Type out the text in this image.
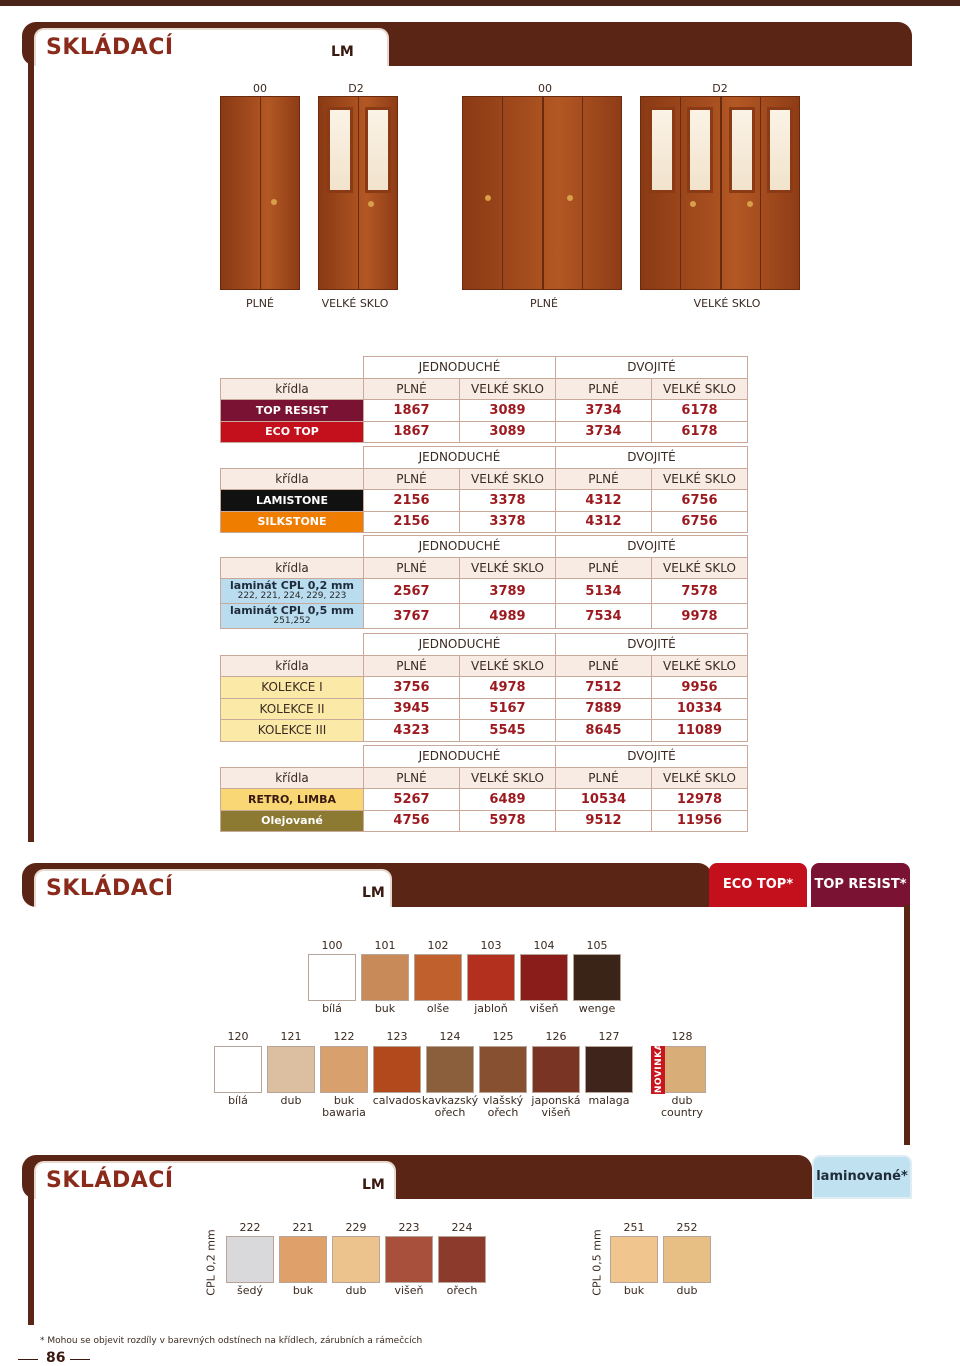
SKLÁDACÍ	LM
00	D2	00	D2
PLNÉ	VELKÉ SKLO	PLNÉ	VELKÉ SKLO
	JEDNODUCHÉ		DVOJITÉ	
křídla	PLNÉ	VELKÉ SKLO	PLNÉ	VELKÉ SKLO
TOP RESIST	1867	3089	3734	6178
ECO TOP	1867	3089	3734	6178
	JEDNODUCHÉ		DVOJITÉ	
křídla	PLNÉ	VELKÉ SKLO	PLNÉ	VELKÉ SKLO
LAMISTONE	2156	3378	4312	6756
SILKSTONE	2156	3378	4312	6756
	JEDNODUCHÉ		DVOJITÉ	
křídla	PLNÉ	VELKÉ SKLO	PLNÉ	VELKÉ SKLO
laminát CPL 0,2 mm
222, 221, 224, 229, 223	2567	3789	5134	7578
laminát CPL 0,5 mm
251,252	3767	4989	7534	9978
	JEDNODUCHÉ		DVOJITÉ	
křídla	PLNÉ	VELKÉ SKLO	PLNÉ	VELKÉ SKLO
KOLEKCE I	3756	4978	7512	9956
KOLEKCE II	3945	5167	7889	10334
KOLEKCE III	4323	5545	8645	11089
	JEDNODUCHÉ		DVOJITÉ	
křídla	PLNÉ	VELKÉ SKLO	PLNÉ	VELKÉ SKLO
RETRO, LIMBA	5267	6489	10534	12978
Olejované	4756	5978	9512	11956
SKLÁDACÍ	LM
ECO TOP*	TOP RESIST*
100
bílá
101
buk
102
olše
103
jabloň
104
višeň
105
wenge
120
bílá
121
dub
122
buk bawaria
123
calvados
124
kavkazský ořech
125
vlašský ořech
126
japonská višeň
127
malaga
128
dub country
NOVINKA
SKLÁDACÍ	LM
laminované*
CPL 0,2 mm	CPL 0,5 mm
222
šedý
221
buk
229
dub
223
višeň
224
ořech
251
buk
252
dub
* Mohou se objevit rozdíly v barevných odstínech na křídlech, zárubních a rámečcích
86
